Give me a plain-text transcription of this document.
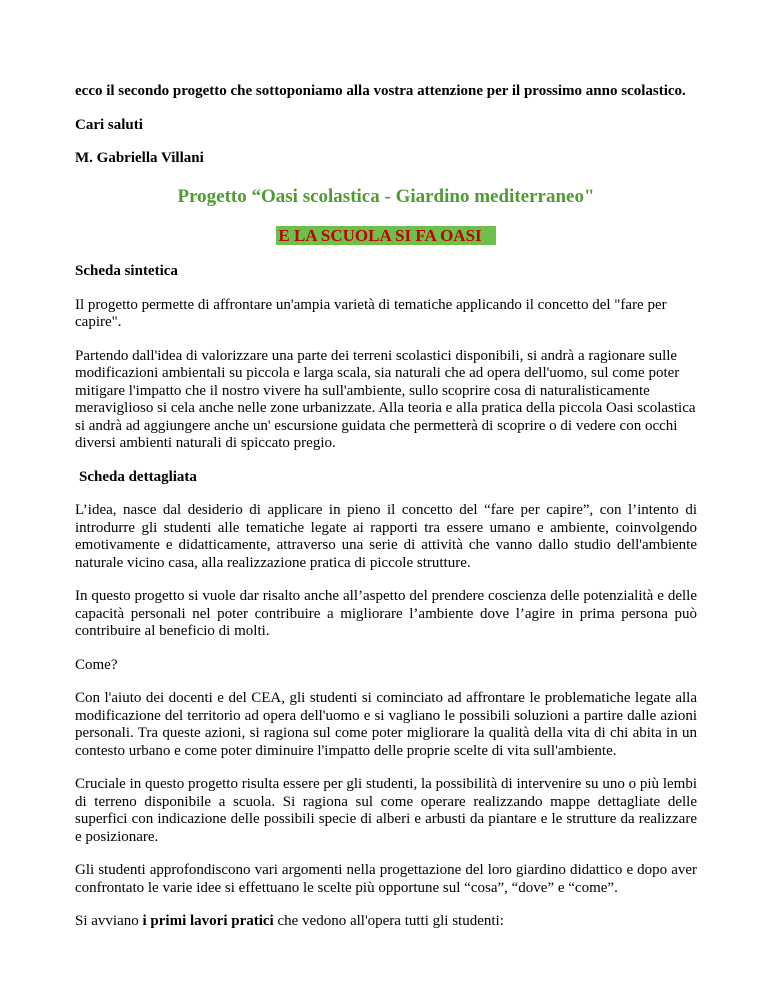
ecco il secondo progetto che sottoponiamo alla vostra attenzione per il prossimo anno scolastico.

Cari saluti

M. Gabriella Villani

Progetto “Oasi scolastica - Giardino mediterraneo"
E LA SCUOLA SI FA OASI

Scheda sintetica

Il progetto permette di affrontare un'ampia varietà di tematiche applicando il concetto del "fare per capire".

Partendo dall'idea di valorizzare una parte dei terreni scolastici disponibili, si andrà a ragionare sulle modificazioni ambientali su piccola e larga scala, sia naturali che ad opera dell'uomo, sul come poter mitigare l'impatto che il nostro vivere ha sull'ambiente, sullo scoprire cosa di naturalisticamente meraviglioso si cela anche nelle zone urbanizzate. Alla teoria e alla pratica della piccola Oasi scolastica si andrà ad aggiungere anche un' escursione guidata che permetterà di scoprire o di vedere con occhi diversi ambienti naturali di spiccato pregio.

Scheda dettagliata

L’idea, nasce dal desiderio di applicare in pieno il concetto del “fare per capire”, con l’intento di introdurre gli studenti alle tematiche legate ai rapporti tra essere umano e ambiente, coinvolgendo emotivamente e didatticamente, attraverso una serie di attività che vanno dallo studio dell'ambiente naturale vicino casa, alla realizzazione pratica di piccole strutture.

In questo progetto si vuole dar risalto anche all’aspetto del prendere coscienza delle potenzialità e delle capacità personali nel poter contribuire a migliorare l’ambiente dove l’agire in prima persona può contribuire al beneficio di molti.

Come?

Con l'aiuto dei docenti e del CEA, gli studenti si cominciato ad affrontare le problematiche legate alla modificazione del territorio ad opera dell'uomo e si vagliano le possibili soluzioni a partire dalle azioni personali. Tra queste azioni, si ragiona sul come poter migliorare la qualità della vita di chi abita in un contesto urbano e come poter diminuire l'impatto delle proprie scelte di vita sull'ambiente.

Cruciale in questo progetto risulta essere per gli studenti, la possibilità di intervenire su uno o più lembi di terreno disponibile a scuola. Si ragiona sul come operare realizzando mappe dettagliate delle superfici con indicazione delle possibili specie di alberi e arbusti da piantare e le strutture da realizzare e posizionare.

Gli studenti approfondiscono vari argomenti nella progettazione del loro giardino didattico e dopo aver confrontato le varie idee si effettuano le scelte più opportune sul “cosa”, “dove” e “come”.

Si avviano i primi lavori pratici che vedono all'opera tutti gli studenti:
